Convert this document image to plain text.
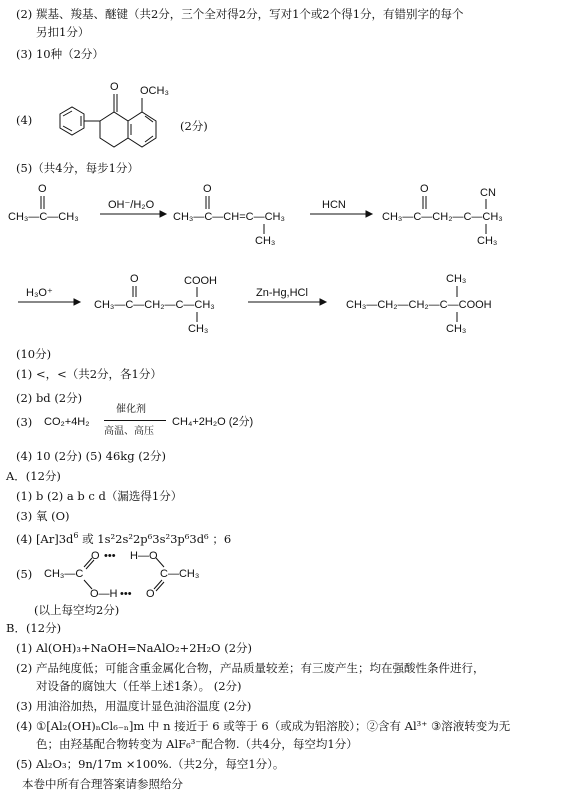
(2) 羰基、羧基、醚键（共2分，三个全对得2分，写对1个或2个得1分，有错别字的每个
另扣1分）
(3) 10种（2分）
(4)
O OCH₃
(2分)
(5)（共4分，每步1分）
CH₃—C—CH₃
O
OH⁻/H₂O
CH₃—C—CH=C—CH₃
O
CH₃
HCN
CH₃—C—CH₂—C—CH₃
O	CN
CH₃
H₃O⁺
CH₃—C—CH₂—C—CH₃
O	COOH
CH₃
Zn-Hg,HCl
CH₃—CH₂—CH₂—C—COOH
CH₃
CH₃
(10分)
(1) <，<（共2分，各1分）
(2) bd (2分)
(3) CO₂+4H₂
催化剂
高温、高压
CH₄+2H₂O (2分)
(4) 10 (2分) (5) 46kg (2分)
A．(12分)
(1) b (2) a b c d（漏选得1分）
(3) 氧 (O)
(4) $[Ar]3d^6$ 或 1s²2s²2p⁶3s²3p⁶3d⁶ ；6
(5) CH₃—C
O ••• H—O
O—H ••• O
C—CH₃
(以上每空均2分)
B．(12分)
(1) Al(OH)₃+NaOH=NaAlO₂+2H₂O (2分)
(2) 产品纯度低；可能含重金属化合物，产品质量较差；有三废产生；均在强酸性条件进行，
对设备的腐蚀大（任举上述1条）。 (2分)
(3) 用油浴加热，用温度计显色油浴温度 (2分)
(4) ①[Al₂(OH)ₙCl₆₋ₙ]m 中 n 接近于 6 或等于 6（或成为铝溶胶）；②含有 Al³⁺ ③溶液转变为无
色；由羟基配合物转变为 AlF₆³⁻配合物.（共4分，每空均1分）
(5) Al₂O₃；9n/17m ×100%.（共2分，每空1分）。
本卷中所有合理答案请参照给分
